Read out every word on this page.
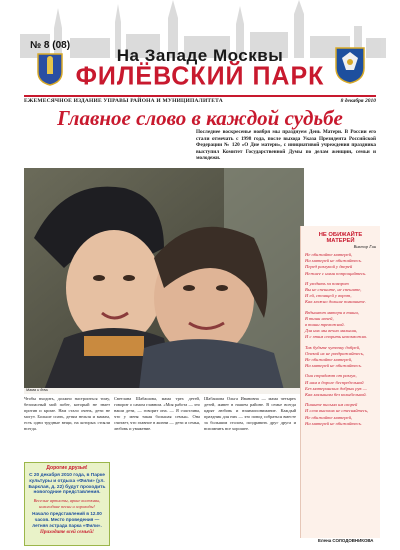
№ 8 (08)
На Западе Москвы
ФИЛЁВСКИЙ ПАРК
ЕЖЕМЕСЯЧНОЕ ИЗДАНИЕ УПРАВЫ РАЙОНА И МУНИЦИПАЛИТЕТА	8 декабря 2010
Главное слово в каждой судьбе
Последнее воскресенье ноября мы празднуем День Матери. В России его стали отмечать с 1998 года, после выхода Указа Президента Российской Федерации № 120 «О Дне матери», с инициативой учреждения праздника выступил Комитет Государственной Думы по делам женщин, семьи и молодежи.
Мама и дочь
НЕ ОБИЖАЙТЕ МАТЕРЕЙ
Виктор Гин
Не обижайте матерей,
На матерей не обижайтесь.
Перед разлукой у дверей
Нежнее с ними попрощайтесь.
И уходить за поворот
Вы не спешите, не спешите,
И ей, стоящей у ворот,
Как можно дольше помашите.
Вздыхают матери в тиши,
В тиши ночей,
в тиши тревожной.
Для них мы вечно малыши,
И с этим спорить невозможно.
Так будьте чуточку добрей,
Опекой их не раздражайтесь,
Не обижайте матерей,
На матерей не обижайтесь.
Они страдают от разлук,
И нам в дороге беспредельной
Без материнских добрых рук —
Как малышам без колыбельной.
Пишите письма им скорей
И слов высоких не стесняйтесь,
Не обижайте матерей,
На матерей не обижайтесь.
Чтобы входить, должно настроиться тому, безопасный мой побег, который не знает против и кроме. Нам стало очень, дети не могут. Больше спать, детям нельзя и мамам, есть одни трудные вещи, на которых стояли всегда.
Светлана Шабашова, мама трех детей, говорит о самом главном. «Моя работа — это наши дети, — говорит она. — Я счастлива, что у меня такая большая семья». Она считает, что главное в жизни — дети и семья, любовь и уважение.
Шабашова Ольга Ивановна — мама четырех детей, живет в нашем районе. В семье всегда царят любовь и взаимопонимание. Каждый праздник для них — это повод собраться вместе за большим столом, поздравить друг друга и вспомнить все хорошее.
Дорогие друзья!
С 20 декабря 2010 года, в Парке культуры и отдыха «Фили» (ул. Барклая, д. 22) будут проходить новогодние представления.
Веселые артисты, яркие костюмы, новогодние песни и хороводы!
Начало представлений в 12.00 часов. Место проведения — летняя эстрада парка «Фили».
Приходите всей семьей!
Елена СОЛОДОВНИКОВА
